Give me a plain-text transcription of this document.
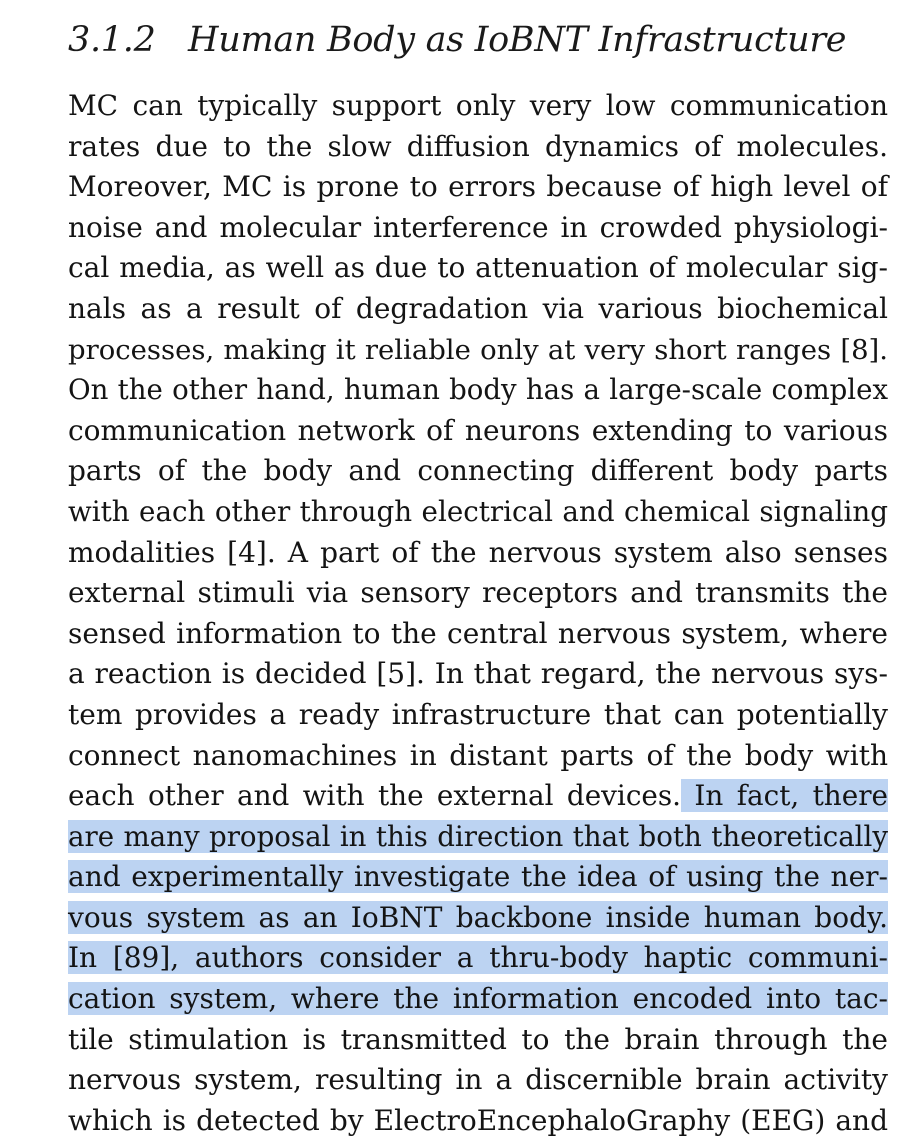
3.1.2 Human Body as IoBNT Infrastructure
MC can typically support only very low communication
rates due to the slow diffusion dynamics of molecules.
Moreover, MC is prone to errors because of high level of
noise and molecular interference in crowded physiologi-
cal media, as well as due to attenuation of molecular sig-
nals as a result of degradation via various biochemical
processes, making it reliable only at very short ranges [8].
On the other hand, human body has a large-scale complex
communication network of neurons extending to various
parts of the body and connecting different body parts
with each other through electrical and chemical signaling
modalities [4]. A part of the nervous system also senses
external stimuli via sensory receptors and transmits the
sensed information to the central nervous system, where
a reaction is decided [5]. In that regard, the nervous sys-
tem provides a ready infrastructure that can potentially
connect nanomachines in distant parts of the body with
each other and with the external devices. In fact, there
are many proposal in this direction that both theoretically
and experimentally investigate the idea of using the ner-
vous system as an IoBNT backbone inside human body.
In [89], authors consider a thru-body haptic communi-
cation system, where the information encoded into tac-
tile stimulation is transmitted to the brain through the
nervous system, resulting in a discernible brain activity
which is detected by ElectroEncephaloGraphy (EEG) and
